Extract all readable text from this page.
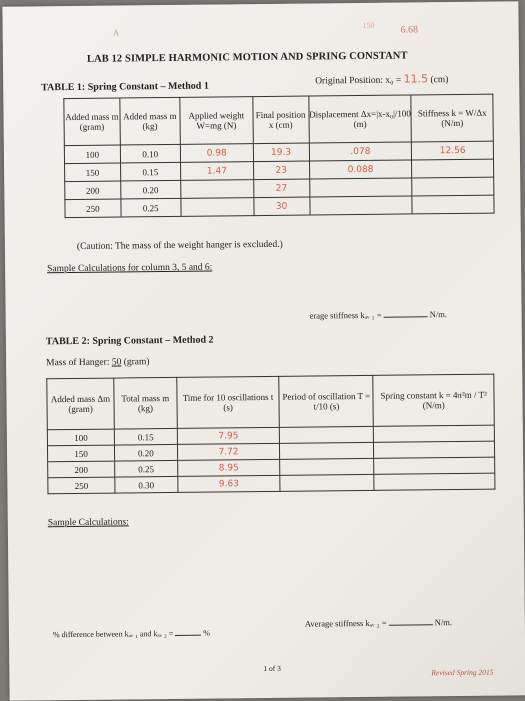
A
150	6.68
LAB 12 SIMPLE HARMONIC MOTION AND SPRING CONSTANT
TABLE 1: Spring Constant – Method 1	Original Position: x₀ = 11.5 (cm)
Added mass m (gram)	Added mass m (kg)	Applied weight W=mg (N)	Final position x (cm)	Displacement Δx=|x-x₀|/100 (m)	Stiffness k = W/Δx (N/m)
100	0.10	0.98	19.3	.078	12.56
150	0.15	1.47	23	0.088	
200	0.20		27		
250	0.25		30		
(Caution: The mass of the weight hanger is excluded.)
Sample Calculations for column 3, 5 and 6:
erage stiffness kₐᵥ ₁ =	N/m.
TABLE 2: Spring Constant – Method 2
Mass of Hanger: 50 (gram)
Added mass Δm (gram)	Total mass m (kg)	Time for 10 oscillations t (s)	Period of oscillation T = t/10 (s)	Spring constant k = 4π²m / T² (N/m)
100	0.15	7.95		
150	0.20	7.72		
200	0.25	8.95		
250	0.30	9.63		
Sample Calculations:
Average stiffness kₐᵥ ₂ =	N/m.
% difference between kₐᵥ ₁ and kₐᵥ ₂ =	%
1 of 3	Revised Spring 2015
